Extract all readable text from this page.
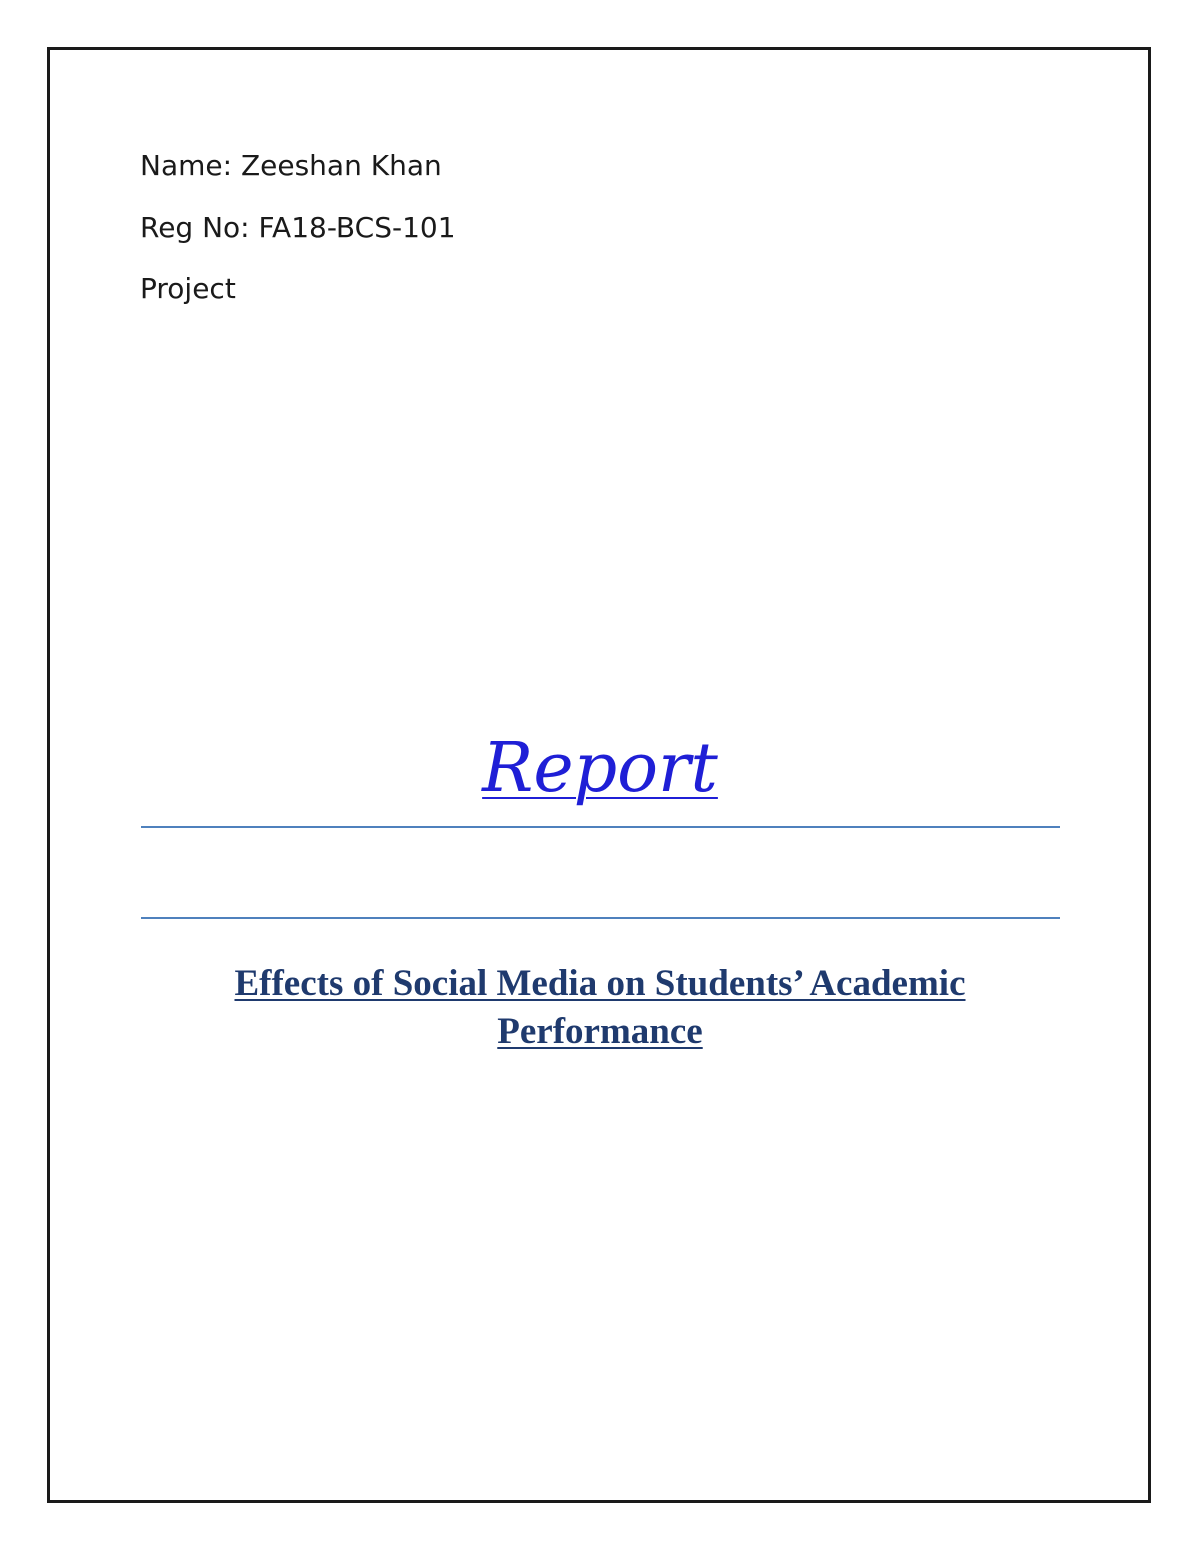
Name: Zeeshan Khan
Reg No: FA18-BCS-101
Project
Report
Effects of Social Media on Students’ Academic
Performance
